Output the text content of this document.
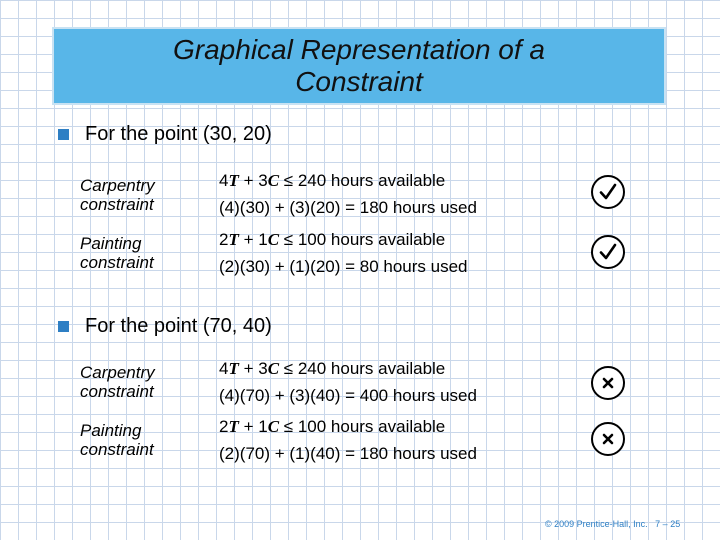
Graphical Representation of a
Constraint
For the point (30, 20)
Carpentry
constraint
4T + 3C ≤ 240 hours available
(4)(30) + (3)(20) = 180 hours used
Painting
constraint
2T + 1C ≤ 100 hours available
(2)(30) + (1)(20) = 80 hours used
For the point (70, 40)
Carpentry
constraint
4T + 3C ≤ 240 hours available
(4)(70) + (3)(40) = 400 hours used
Painting
constraint
2T + 1C ≤ 100 hours available
(2)(70) + (1)(40) = 180 hours used
© 2009 Prentice-Hall, Inc.   7 – 25
